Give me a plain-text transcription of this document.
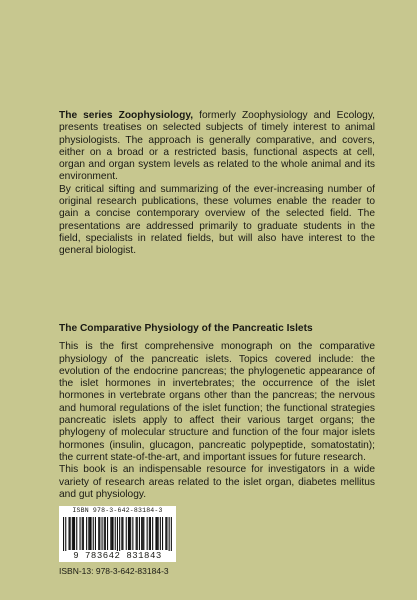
The series Zoophysiology, formerly Zoophysiology and Ecology, presents treatises on selected subjects of timely interest to animal physiologists. The approach is generally comparative, and covers, either on a broad or a restricted basis, functional aspects at cell, organ and organ system levels as related to the whole animal and its environment.

By critical sifting and summarizing of the ever-increasing number of original research publications, these volumes enable the reader to gain a concise contemporary overview of the selected field. The presentations are addressed primarily to graduate students in the field, specialists in related fields, but will also have interest to the general biologist.

The Comparative Physiology of the Pancreatic Islets

This is the first comprehensive monograph on the comparative physiology of the pancreatic islets. Topics covered include: the evolution of the endocrine pancreas; the phylogenetic appearance of the islet hormones in invertebrates; the occurrence of the islet hormones in vertebrate organs other than the pancreas; the nervous and humoral regulations of the islet function; the functional strategies pancreatic islets apply to affect their various target organs; the phylogeny of molecular structure and function of the four major islets hormones (insulin, glucagon, pancreatic polypeptide, somatostatin); the current state-of-the-art, and important issues for future research.

This book is an indispensable resource for investigators in a wide variety of research areas related to the islet organ, diabetes mellitus and gut physiology.

ISBN 978-3-642-83184-3
9 783642 831843
ISBN-13: 978-3-642-83184-3
